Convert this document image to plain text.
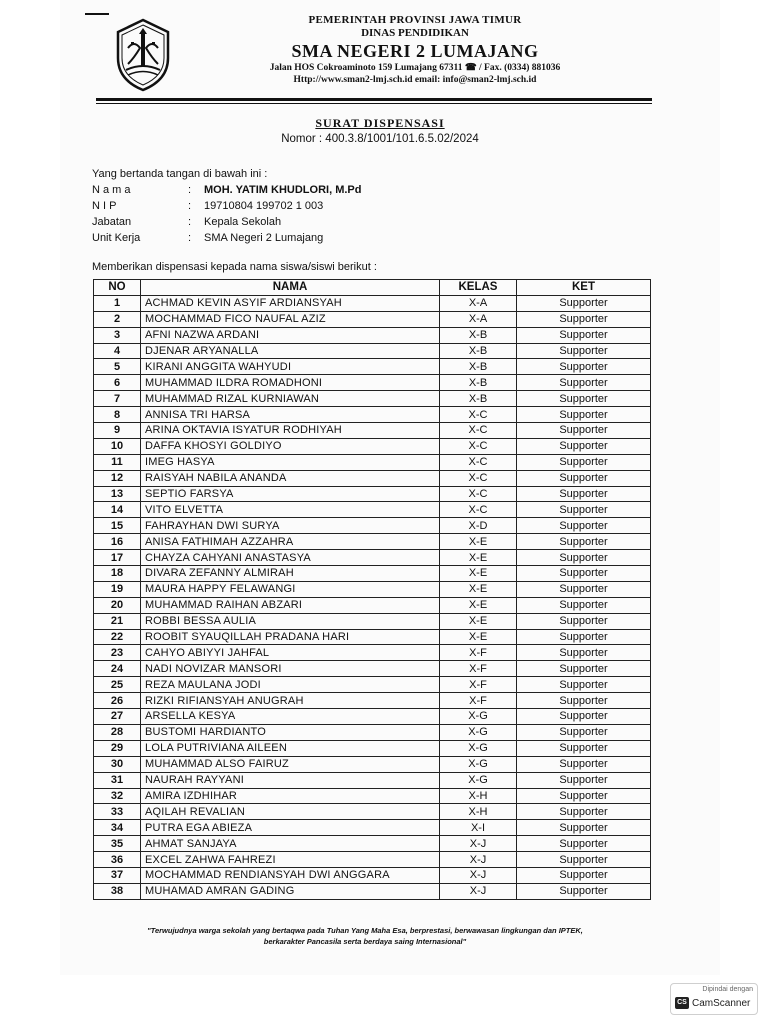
PEMERINTAH PROVINSI JAWA TIMUR
DINAS PENDIDIKAN
SMA NEGERI 2 LUMAJANG
Jalan HOS Cokroaminoto 159 Lumajang 67311 ☎ / Fax. (0334) 881036
Http://www.sman2-lmj.sch.id email: info@sman2-lmj.sch.id
SURAT DISPENSASI
Nomor : 400.3.8/1001/101.6.5.02/2024
Yang bertanda tangan di bawah ini :
N a m a	:	MOH. YATIM KHUDLORI, M.Pd
N I P	:	19710804 199702 1 003
Jabatan	:	Kepala Sekolah
Unit Kerja	:	SMA Negeri 2 Lumajang
Memberikan dispensasi kepada nama siswa/siswi berikut :
NO	NAMA	KELAS	KET
1	ACHMAD KEVIN ASYIF ARDIANSYAH	X-A	Supporter
2	MOCHAMMAD FICO NAUFAL AZIZ	X-A	Supporter
3	AFNI NAZWA ARDANI	X-B	Supporter
4	DJENAR ARYANALLA	X-B	Supporter
5	KIRANI ANGGITA WAHYUDI	X-B	Supporter
6	MUHAMMAD ILDRA ROMADHONI	X-B	Supporter
7	MUHAMMAD RIZAL KURNIAWAN	X-B	Supporter
8	ANNISA TRI HARSA	X-C	Supporter
9	ARINA OKTAVIA ISYATUR RODHIYAH	X-C	Supporter
10	DAFFA KHOSYI GOLDIYO	X-C	Supporter
11	IMEG HASYA	X-C	Supporter
12	RAISYAH NABILA ANANDA	X-C	Supporter
13	SEPTIO FARSYA	X-C	Supporter
14	VITO ELVETTA	X-C	Supporter
15	FAHRAYHAN DWI SURYA	X-D	Supporter
16	ANISA FATHIMAH AZZAHRA	X-E	Supporter
17	CHAYZA CAHYANI ANASTASYA	X-E	Supporter
18	DIVARA ZEFANNY ALMIRAH	X-E	Supporter
19	MAURA HAPPY FELAWANGI	X-E	Supporter
20	MUHAMMAD RAIHAN ABZARI	X-E	Supporter
21	ROBBI BESSA AULIA	X-E	Supporter
22	ROOBIT SYAUQILLAH PRADANA HARI	X-E	Supporter
23	CAHYO ABIYYI JAHFAL	X-F	Supporter
24	NADI NOVIZAR MANSORI	X-F	Supporter
25	REZA MAULANA JODI	X-F	Supporter
26	RIZKI RIFIANSYAH ANUGRAH	X-F	Supporter
27	ARSELLA KESYA	X-G	Supporter
28	BUSTOMI HARDIANTO	X-G	Supporter
29	LOLA PUTRIVIANA AILEEN	X-G	Supporter
30	MUHAMMAD ALSO FAIRUZ	X-G	Supporter
31	NAURAH RAYYANI	X-G	Supporter
32	AMIRA IZDHIHAR	X-H	Supporter
33	AQILAH REVALIAN	X-H	Supporter
34	PUTRA EGA ABIEZA	X-I	Supporter
35	AHMAT SANJAYA	X-J	Supporter
36	EXCEL ZAHWA FAHREZI	X-J	Supporter
37	MOCHAMMAD RENDIANSYAH DWI ANGGARA	X-J	Supporter
38	MUHAMAD AMRAN GADING	X-J	Supporter
"Terwujudnya warga sekolah yang bertaqwa pada Tuhan Yang Maha Esa, berprestasi, berwawasan lingkungan dan IPTEK,
berkarakter Pancasila serta berdaya saing Internasional"
Dipindai dengan
CS CamScanner
